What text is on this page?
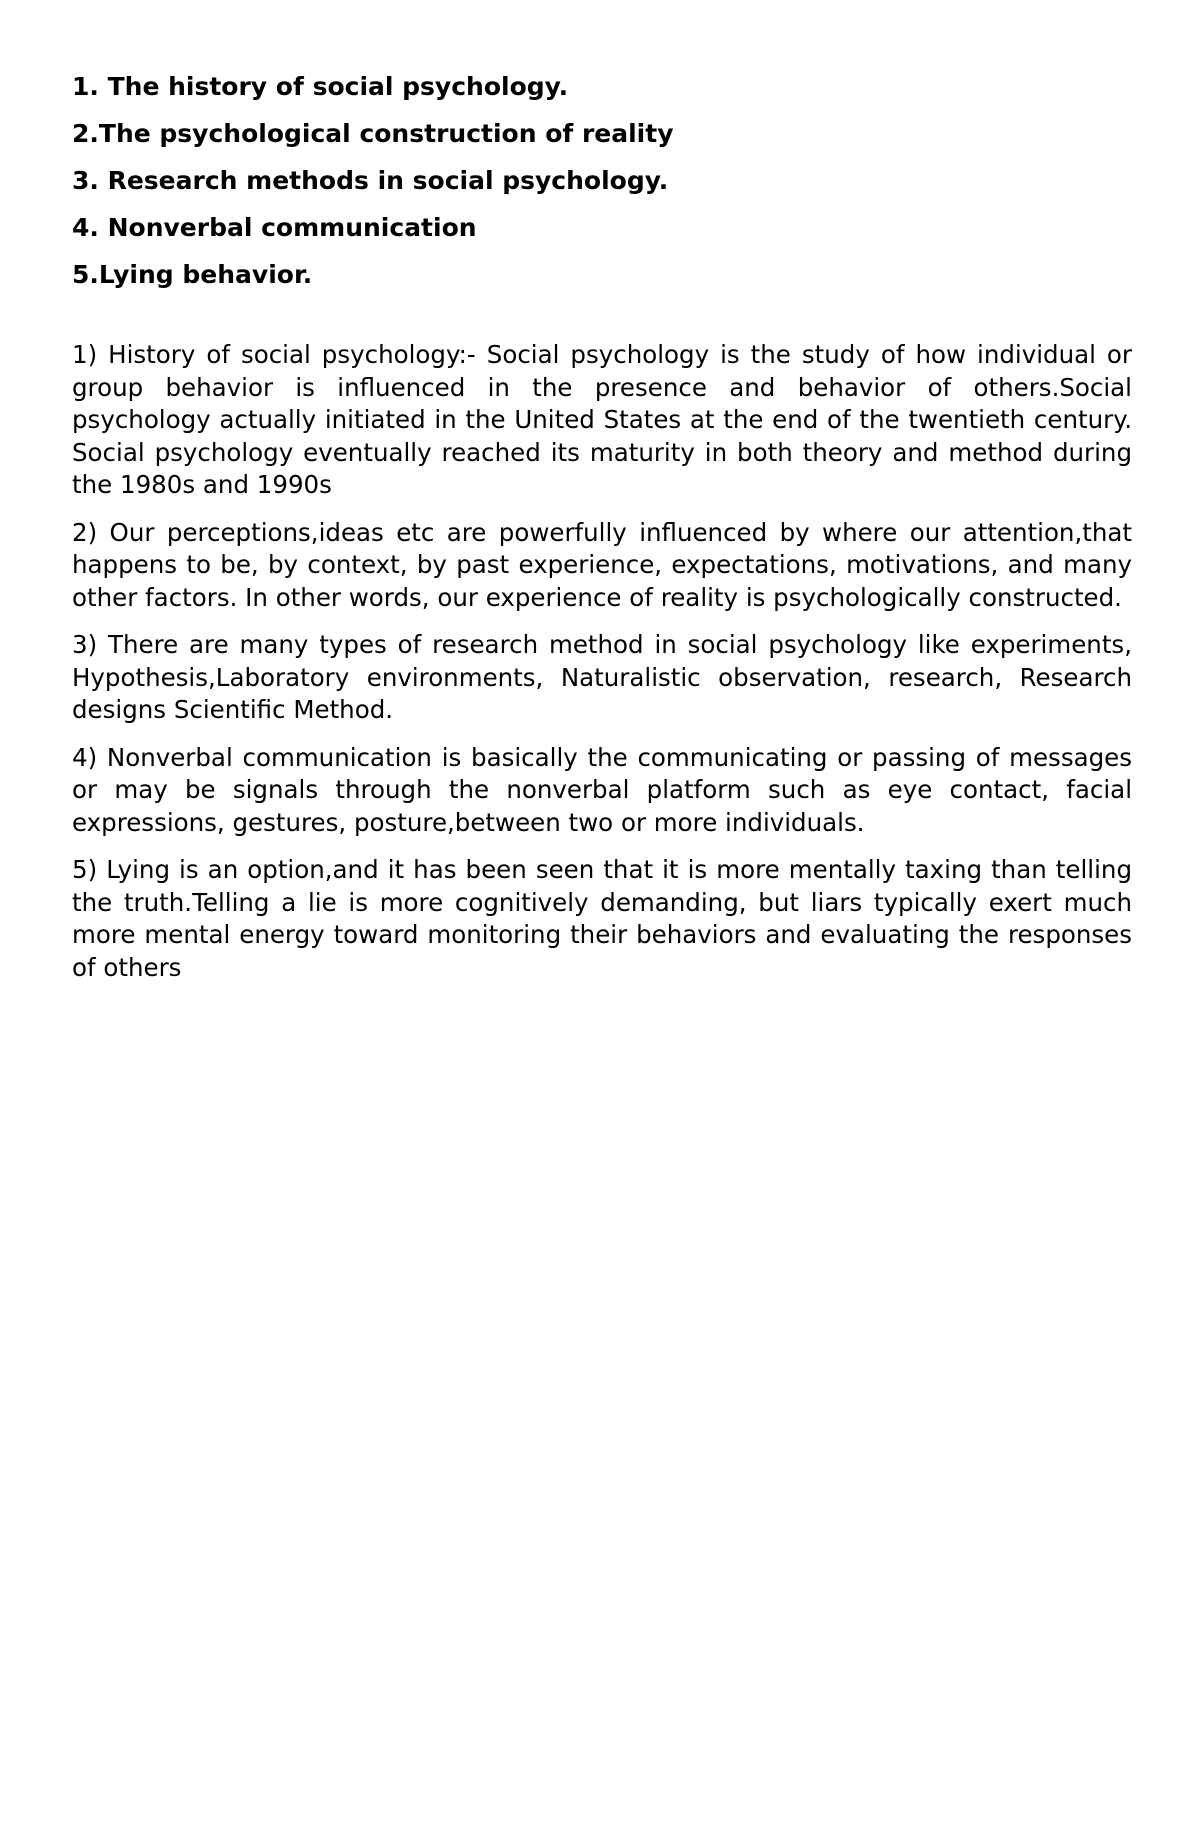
1. The history of social psychology.
2.The psychological construction of reality
3. Research methods in social psychology.
4. Nonverbal communication
5.Lying behavior.

1) History of social psychology:- Social psychology is the study of how individual or group behavior is influenced in the presence and behavior of others.Social psychology actually initiated in the United States at the end of the twentieth century. Social psychology eventually reached its maturity in both theory and method during the 1980s and 1990s

2) Our perceptions,ideas etc are powerfully influenced by where our attention,that happens to be, by context, by past experience, expectations, motivations, and many other factors. In other words, our experience of reality is psychologically constructed.

3) There are many types of research method in social psychology like experiments, Hypothesis,Laboratory environments, Naturalistic observation, research, Research designs Scientific Method.

4) Nonverbal communication is basically the communicating or passing of messages or may be signals through the nonverbal platform such as eye contact, facial expressions, gestures, posture,between two or more individuals.

5) Lying is an option,and it has been seen that it is more mentally taxing than telling the truth.Telling a lie is more cognitively demanding, but liars typically exert much more mental energy toward monitoring their behaviors and evaluating the responses of others
